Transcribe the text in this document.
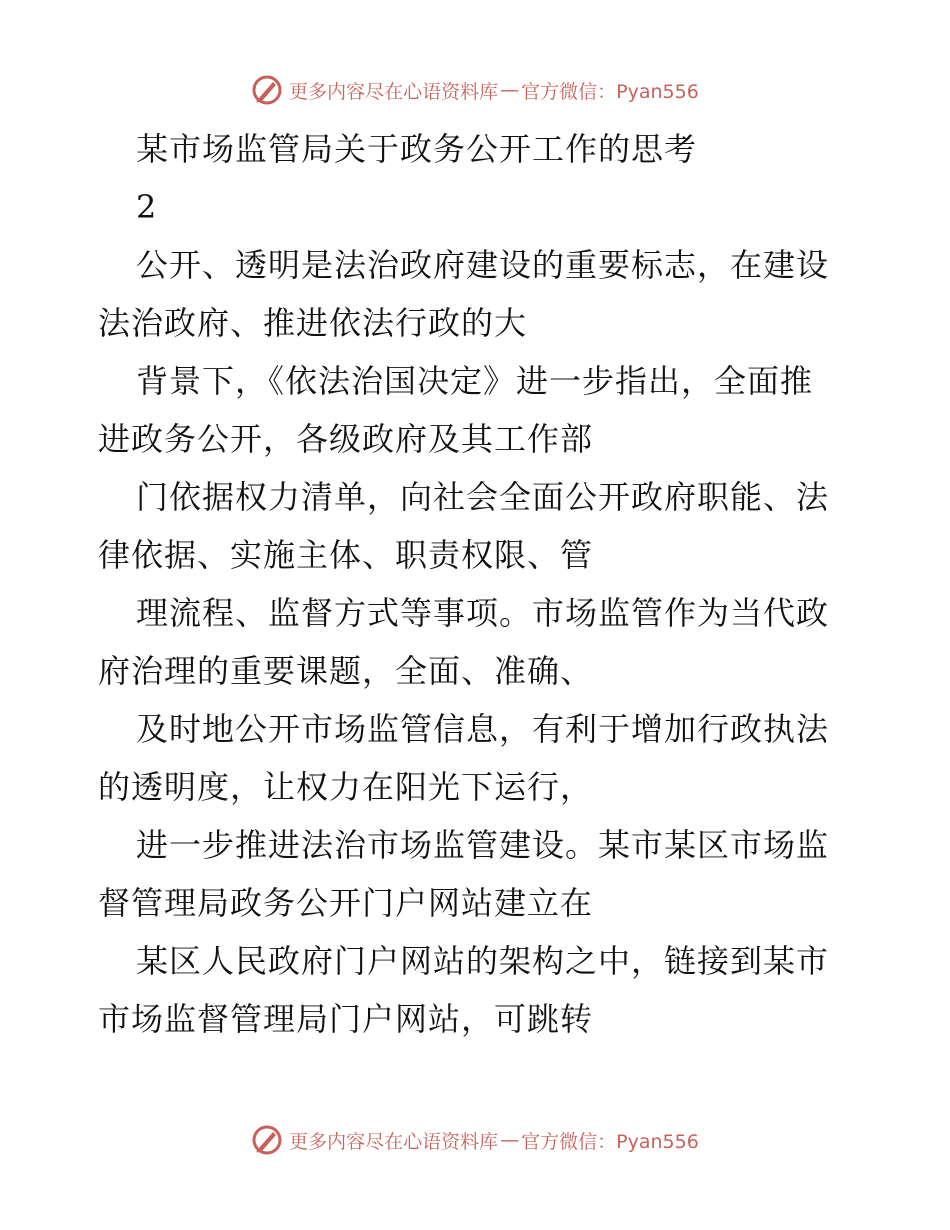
更多内容尽在心语资料库 — 官方微信：Pyan556
某市场监管局关于政务公开工作的思考
2
公开、透明是法治政府建设的重要标志，在建设
法治政府、推进依法行政的大
背景下，《依法治国决定》进一步指出，全面推
进政务公开，各级政府及其工作部
门依据权力清单，向社会全面公开政府职能、法
律依据、实施主体、职责权限、管
理流程、监督方式等事项。市场监管作为当代政
府治理的重要课题，全面、准确、
及时地公开市场监管信息，有利于增加行政执法
的透明度，让权力在阳光下运行，
进一步推进法治市场监管建设。某市某区市场监
督管理局政务公开门户网站建立在
某区人民政府门户网站的架构之中，链接到某市
市场监督管理局门户网站，可跳转
更多内容尽在心语资料库 — 官方微信：Pyan556
